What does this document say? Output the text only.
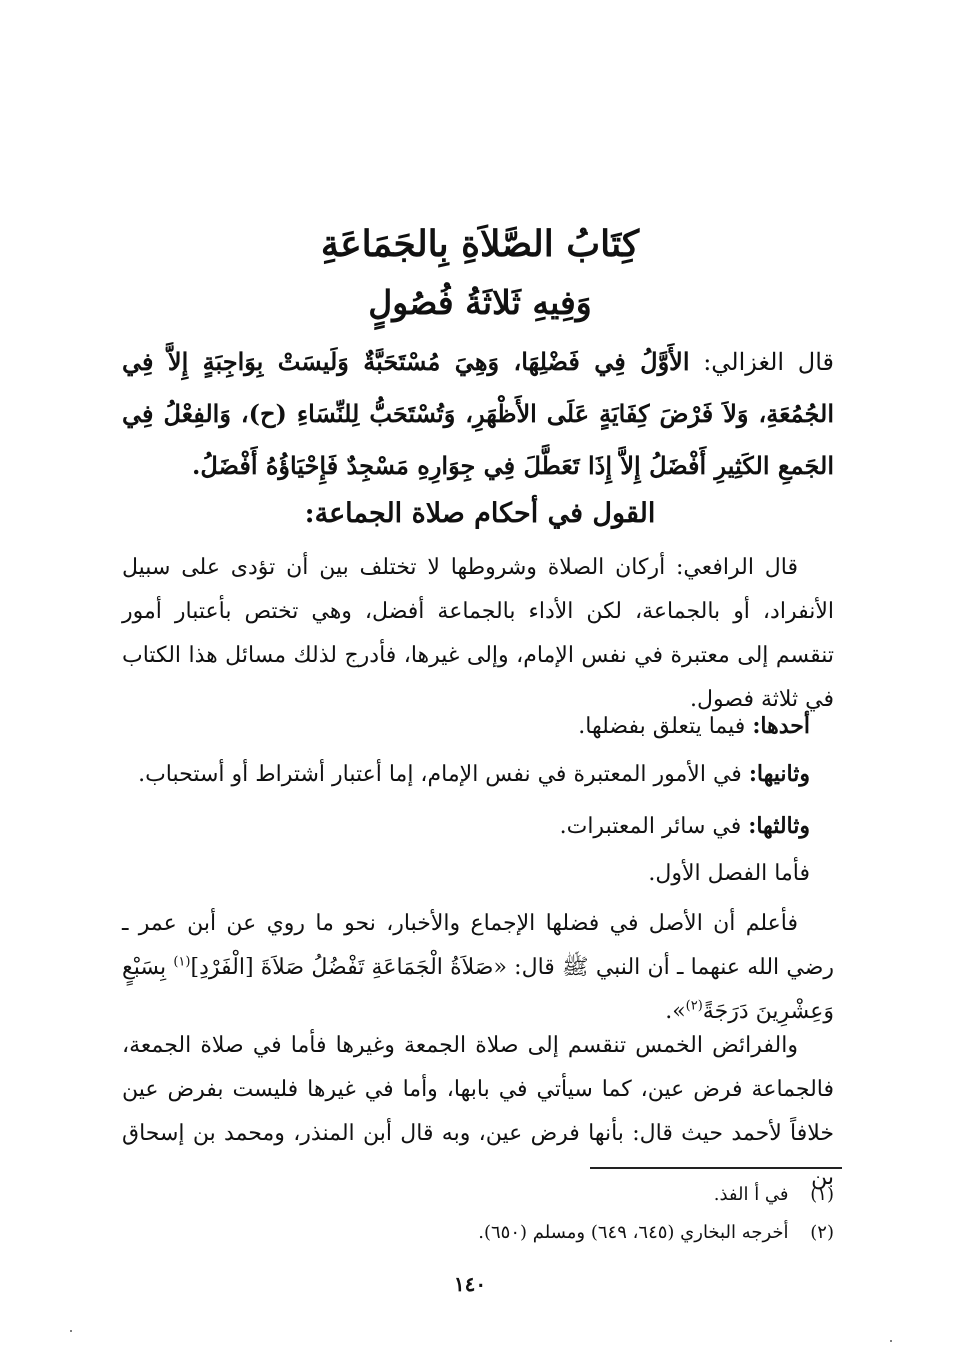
كِتَابُ الصَّلاَةِ بِالجَمَاعَةِ
وَفِيهِ ثَلاثَةُ فُصُولٍ
قال الغزالي: الأَوَّلُ فِي فَضْلِهَا، وَهِيَ مُسْتَحَبَّةٌ وَلَيسَتْ بِوَاجِبَةٍ إِلاَّ فِي الجُمُعَةِ، وَلاَ فَرْضَ كِفَايَةٍ عَلَى الأَظْهَرِ، وَتُسْتَحَبُّ لِلنِّسَاءِ (ح)، وَالفِعْلُ فِي الجَمعِ الكَثِيرِ أَفْضَلُ إِلاَّ إِذَا تَعَطَّلَ فِي جِوَارِهِ مَسْجِدٌ فَإِحْيَاؤُهُ أَفْضَلُ.
القول في أحكام صلاة الجماعة:
قال الرافعي: أركان الصلاة وشروطها لا تختلف بين أن تؤدى على سبيل الأنفراد، أو بالجماعة، لكن الأداء بالجماعة أفضل، وهي تختص بأعتبار أمور تنقسم إلى معتبرة في نفس الإمام، وإلى غيرها، فأدرج لذلك مسائل هذا الكتاب في ثلاثة فصول.
أحدها: فيما يتعلق بفضلها.
وثانيها: في الأمور المعتبرة في نفس الإمام، إما أعتبار أشتراط أو أستحباب.
وثالثها: في سائر المعتبرات.
فأما الفصل الأول.
فأعلم أن الأصل في فضلها الإجماع والأخبار، نحو ما روي عن أبن عمر ـ رضي الله عنهما ـ أن النبي ﷺ قال: «صَلاَةُ الْجَمَاعَةِ تَفْضُلُ صَلاَةَ [الْفَرْدِ]$^{(١)}$ بِسَبْعٍ وَعِشْرِينَ دَرَجَةً$^{(٢)}$».
والفرائض الخمس تنقسم إلى صلاة الجمعة وغيرها فأما في صلاة الجمعة، فالجماعة فرض عين، كما سيأتي في بابها، وأما في غيرها فليست بفرض عين خلافاً لأحمد حيث قال: بأنها فرض عين، وبه قال أبن المنذر، ومحمد بن إسحاق بن
(١) في أ الفذ.
(٢) أخرجه البخاري (٦٤٥، ٦٤٩) ومسلم (٦٥٠).
١٤٠
